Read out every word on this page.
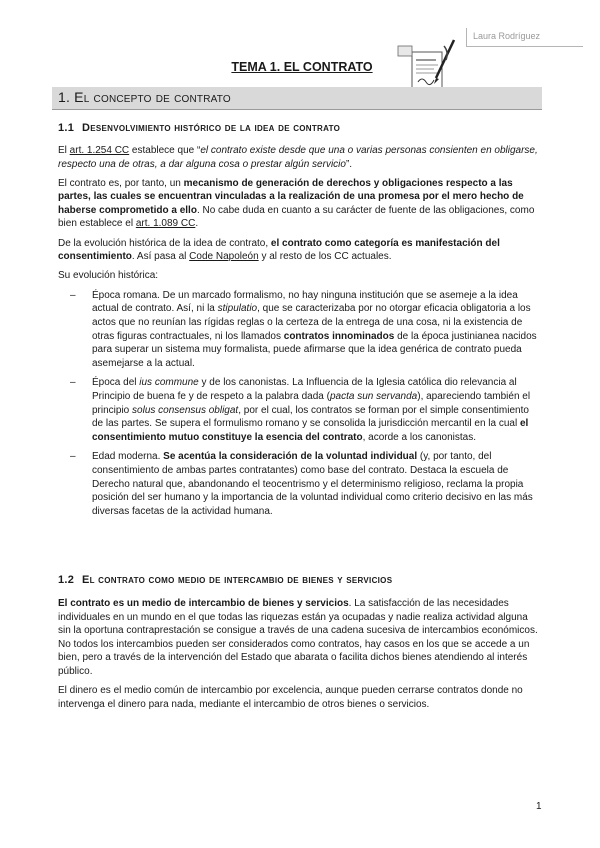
Laura Rodríguez
TEMA 1. EL CONTRATO
1. El concepto de contrato
1.1 Desenvolvimiento histórico de la idea de contrato

El art. 1.254 CC establece que “el contrato existe desde que una o varias personas consienten en obligarse, respecto una de otras, a dar alguna cosa o prestar algún servicio”.

El contrato es, por tanto, un mecanismo de generación de derechos y obligaciones respecto a las partes, las cuales se encuentran vinculadas a la realización de una promesa por el mero hecho de haberse comprometido a ello. No cabe duda en cuanto a su carácter de fuente de las obligaciones, como bien establece el art. 1.089 CC.

De la evolución histórica de la idea de contrato, el contrato como categoría es manifestación del consentimiento. Así pasa al Code Napoleón y al resto de los CC actuales.

Su evolución histórica:

– Época romana. De un marcado formalismo, no hay ninguna institución que se asemeje a la idea actual de contrato. Así, ni la stipulatio, que se caracterizaba por no otorgar eficacia obligatoria a los actos que no reunían las rígidas reglas o la certeza de la entrega de una cosa, ni la existencia de otras figuras contractuales, ni los llamados contratos innominados de la época justinianea nacidos para superar un sistema muy formalista, puede afirmarse que la idea genérica de contrato pueda asemejarse a la actual.
– Época del ius commune y de los canonistas. La Influencia de la Iglesia católica dio relevancia al Principio de buena fe y de respeto a la palabra dada (pacta sun servanda), apareciendo también el principio solus consensus obligat, por el cual, los contratos se forman por el simple consentimiento de las partes. Se supera el formulismo romano y se consolida la jurisdicción mercantil en la cual el consentimiento mutuo constituye la esencia del contrato, acorde a los canonistas.
– Edad moderna. Se acentúa la consideración de la voluntad individual (y, por tanto, del consentimiento de ambas partes contratantes) como base del contrato. Destaca la escuela de Derecho natural que, abandonando el teocentrismo y el determinismo religioso, reclama la propia posición del ser humano y la importancia de la voluntad individual como criterio decisivo en las más diversas facetas de la actividad humana.
1.2 El contrato como medio de intercambio de bienes y servicios

El contrato es un medio de intercambio de bienes y servicios. La satisfacción de las necesidades individuales en un mundo en el que todas las riquezas están ya ocupadas y nadie realiza actividad alguna sin la oportuna contraprestación se consigue a través de una cadena sucesiva de intercambios económicos. No todos los intercambios pueden ser considerados como contratos, hay casos en los que se accede a un bien, pero a través de la intervención del Estado que abarata o facilita dichos bienes atendiendo al interés público.

El dinero es el medio común de intercambio por excelencia, aunque pueden cerrarse contratos donde no intervenga el dinero para nada, mediante el intercambio de otros bienes o servicios.

1
